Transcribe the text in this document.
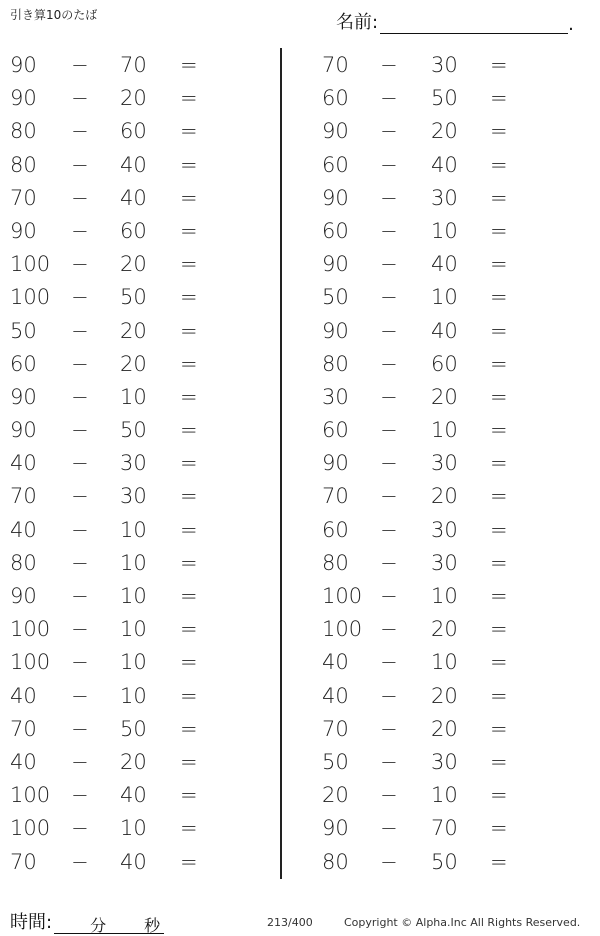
引き算10のたば	名前:	.
90	− 70	=
90	− 20	=
80	− 60	=
80	− 40	=
70	− 40	=
90	− 60	=
100 − 20	=
100 − 50	=
50	− 20	=
60	− 20	=
90	− 10	=
90	− 50	=
40	− 30	=
70	− 30	=
40	− 10	=
80	− 10	=
90	− 10	=
100 − 10	=
100 − 10	=
40	− 10	=
70	− 50	=
40	− 20	=
100 − 40	=
100 − 10	=
70	− 40	=
70	− 30	=
60	− 50	=
90	− 20	=
60	− 40	=
90	− 30	=
60	− 10	=
90	− 40	=
50	− 10	=
90	− 40	=
80	− 60	=
30	− 20	=
60	− 10	=
90	− 30	=
70	− 20	=
60	− 30	=
80	− 30	=
100 − 10	=
100 − 20	=
40	− 10	=
40	− 20	=
70	− 20	=
50	− 30	=
20	− 10	=
90	− 70	=
80	− 50	=
時間: 分 秒	213/400	Copyright © Alpha.Inc All Rights Reserved.
